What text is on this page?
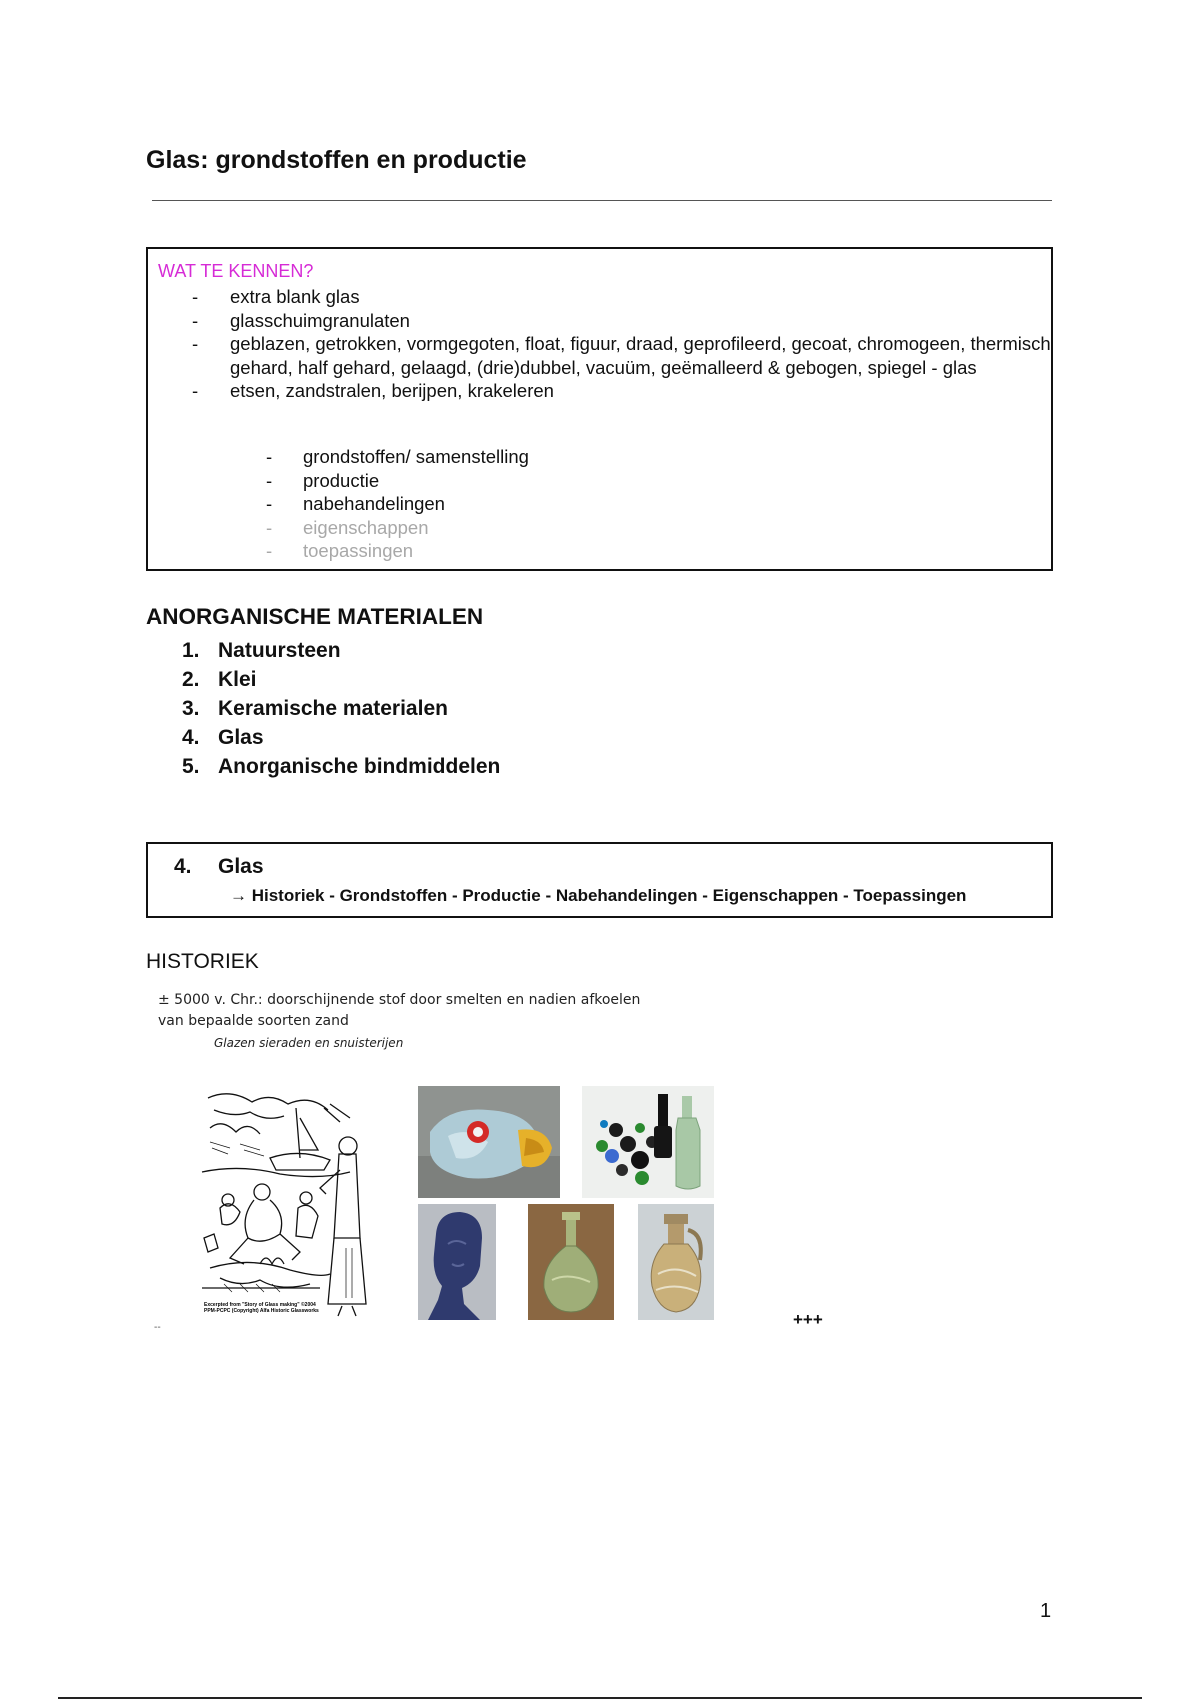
Glas: grondstoffen en productie
WAT TE KENNEN?
- extra blank glas
- glasschuimgranulaten
- geblazen, getrokken, vormgegoten, float, figuur, draad, geprofileerd, gecoat, chromogeen, thermisch gehard, half gehard, gelaagd, (drie)dubbel, vacuüm, geëmalleerd & gebogen, spiegel - glas
- etsen, zandstralen, berijpen, krakeleren
- grondstoffen/ samenstelling
- productie
- nabehandelingen
- eigenschappen
- toepassingen
ANORGANISCHE MATERIALEN
1. Natuursteen
2. Klei
3. Keramische materialen
4. Glas
5. Anorganische bindmiddelen
4. Glas
→ Historiek - Grondstoffen - Productie - Nabehandelingen - Eigenschappen - Toepassingen
HISTORIEK
± 5000 v. Chr.: doorschijnende stof door smelten en nadien afkoelen
van bepaalde soorten zand
Glazen sieraden en snuisterijen
Excerpted from "Story of Glass making" ©2004 PPM-PCPC (Copyright) Alfa Historic Glassworks	+++
--
1
